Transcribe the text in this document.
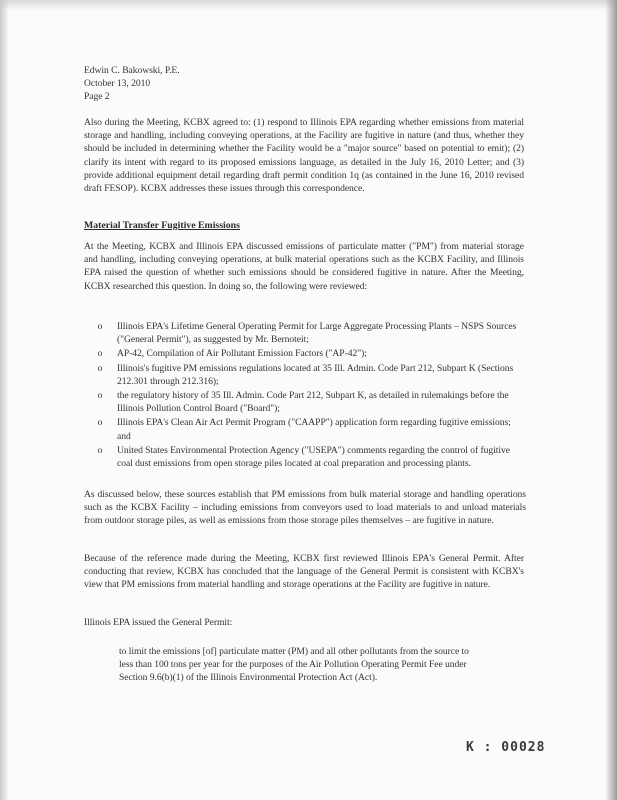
Edwin C. Bakowski, P.E.
October 13, 2010
Page 2
Also during the Meeting, KCBX agreed to: (1) respond to Illinois EPA regarding whether emissions from material storage and handling, including conveying operations, at the Facility are fugitive in nature (and thus, whether they should be included in determining whether the Facility would be a "major source" based on potential to emit); (2) clarify its intent with regard to its proposed emissions language, as detailed in the July 16, 2010 Letter; and (3) provide additional equipment detail regarding draft permit condition 1q (as contained in the June 16, 2010 revised draft FESOP). KCBX addresses these issues through this correspondence.
Material Transfer Fugitive Emissions
At the Meeting, KCBX and Illinois EPA discussed emissions of particulate matter ("PM") from material storage and handling, including conveying operations, at bulk material operations such as the KCBX Facility, and Illinois EPA raised the question of whether such emissions should be considered fugitive in nature. After the Meeting, KCBX researched this question. In doing so, the following were reviewed:
o Illinois EPA's Lifetime General Operating Permit for Large Aggregate Processing Plants – NSPS Sources ("General Permit"), as suggested by Mr. Bernoteit;
o AP-42, Compilation of Air Pollutant Emission Factors ("AP-42");
o Illinois's fugitive PM emissions regulations located at 35 Ill. Admin. Code Part 212, Subpart K (Sections 212.301 through 212.316);
o the regulatory history of 35 Ill. Admin. Code Part 212, Subpart K, as detailed in rulemakings before the Illinois Pollution Control Board ("Board");
o Illinois EPA's Clean Air Act Permit Program ("CAAPP") application form regarding fugitive emissions; and
o United States Environmental Protection Agency ("USEPA") comments regarding the control of fugitive coal dust emissions from open storage piles located at coal preparation and processing plants.
As discussed below, these sources establish that PM emissions from bulk material storage and handling operations such as the KCBX Facility – including emissions from conveyors used to load materials to and unload materials from outdoor storage piles, as well as emissions from those storage piles themselves – are fugitive in nature.
Because of the reference made during the Meeting, KCBX first reviewed Illinois EPA's General Permit. After conducting that review, KCBX has concluded that the language of the General Permit is consistent with KCBX's view that PM emissions from material handling and storage operations at the Facility are fugitive in nature.
Illinois EPA issued the General Permit:
to limit the emissions [of] particulate matter (PM) and all other pollutants from the source to less than 100 tons per year for the purposes of the Air Pollution Operating Permit Fee under Section 9.6(b)(1) of the Illinois Environmental Protection Act (Act).
K : 00028
